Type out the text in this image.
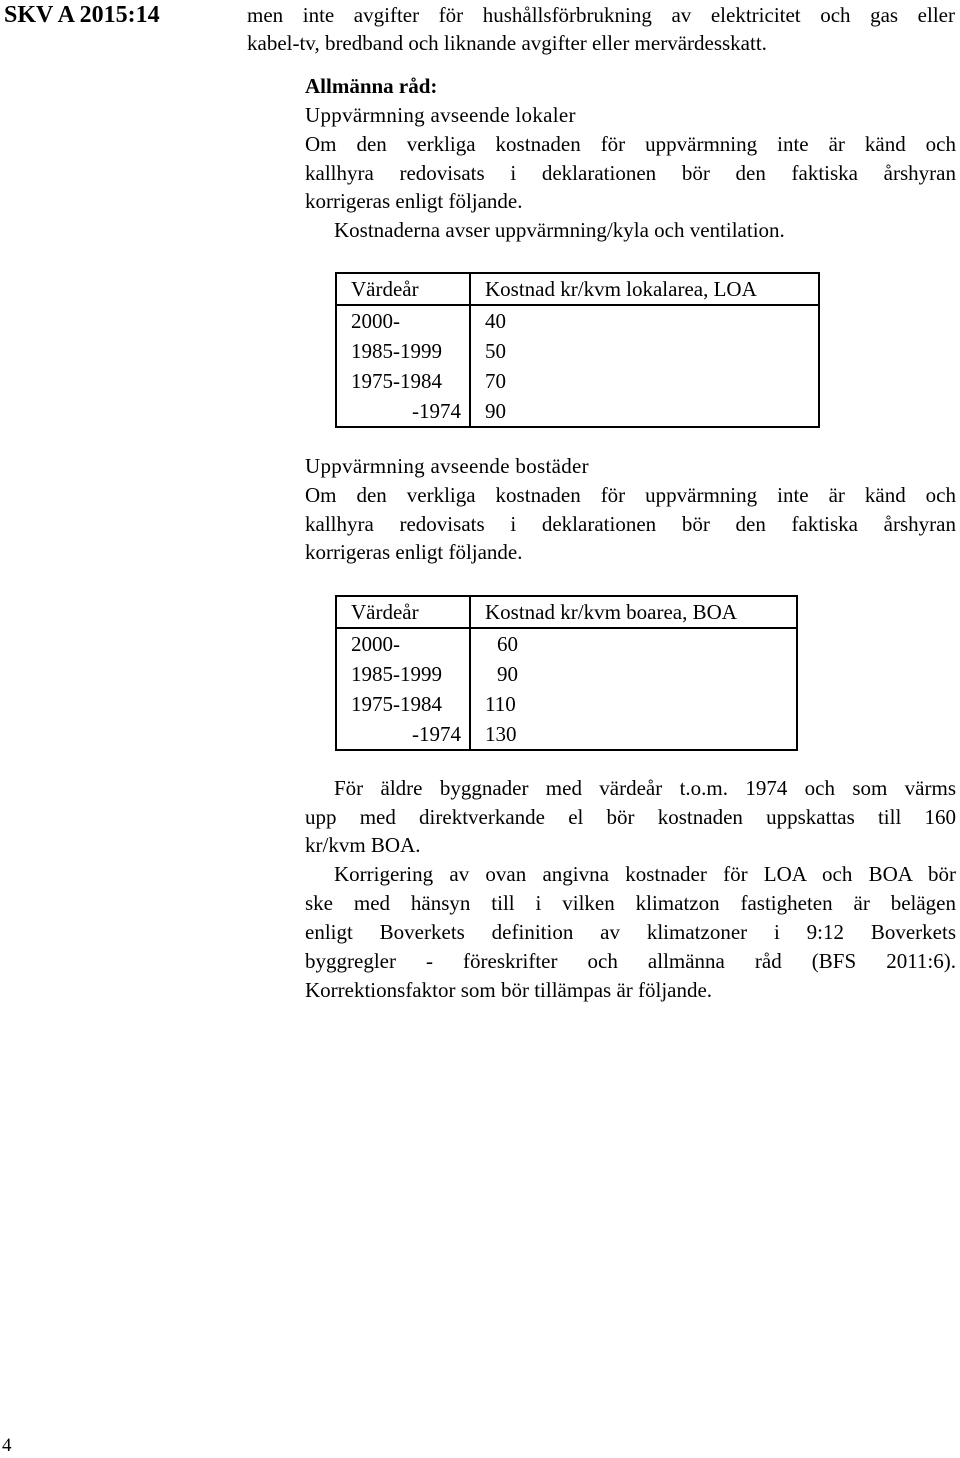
SKV A 2015:14	men inte avgifter för hushållsförbrukning av elektricitet och gas eller

kabel-tv, bredband och liknande avgifter eller mervärdesskatt.

Allmänna råd:

Uppvärmning avseende lokaler

Om den verkliga kostnaden för uppvärmning inte är känd och

kallhyra redovisats i deklarationen bör den faktiska årshyran

korrigeras enligt följande.

Kostnaderna avser uppvärmning/kyla och ventilation.

Värdeår	Kostnad kr/kvm lokalarea, LOA
2000-	40
1985-1999	50
1975-1984	70
-1974	90

Uppvärmning avseende bostäder

Om den verkliga kostnaden för uppvärmning inte är känd och

kallhyra redovisats i deklarationen bör den faktiska årshyran

korrigeras enligt följande.

Värdeår	Kostnad kr/kvm boarea, BOA
2000-	60
1985-1999	90
1975-1984	110
-1974	130

För äldre byggnader med värdeår t.o.m. 1974 och som värms

upp med direktverkande el bör kostnaden uppskattas till 160

kr/kvm BOA.

Korrigering av ovan angivna kostnader för LOA och BOA bör

ske med hänsyn till i vilken klimatzon fastigheten är belägen

enligt Boverkets definition av klimatzoner i 9:12 Boverkets

byggregler - föreskrifter och allmänna råd (BFS 2011:6).

Korrektionsfaktor som bör tillämpas är följande.

4
